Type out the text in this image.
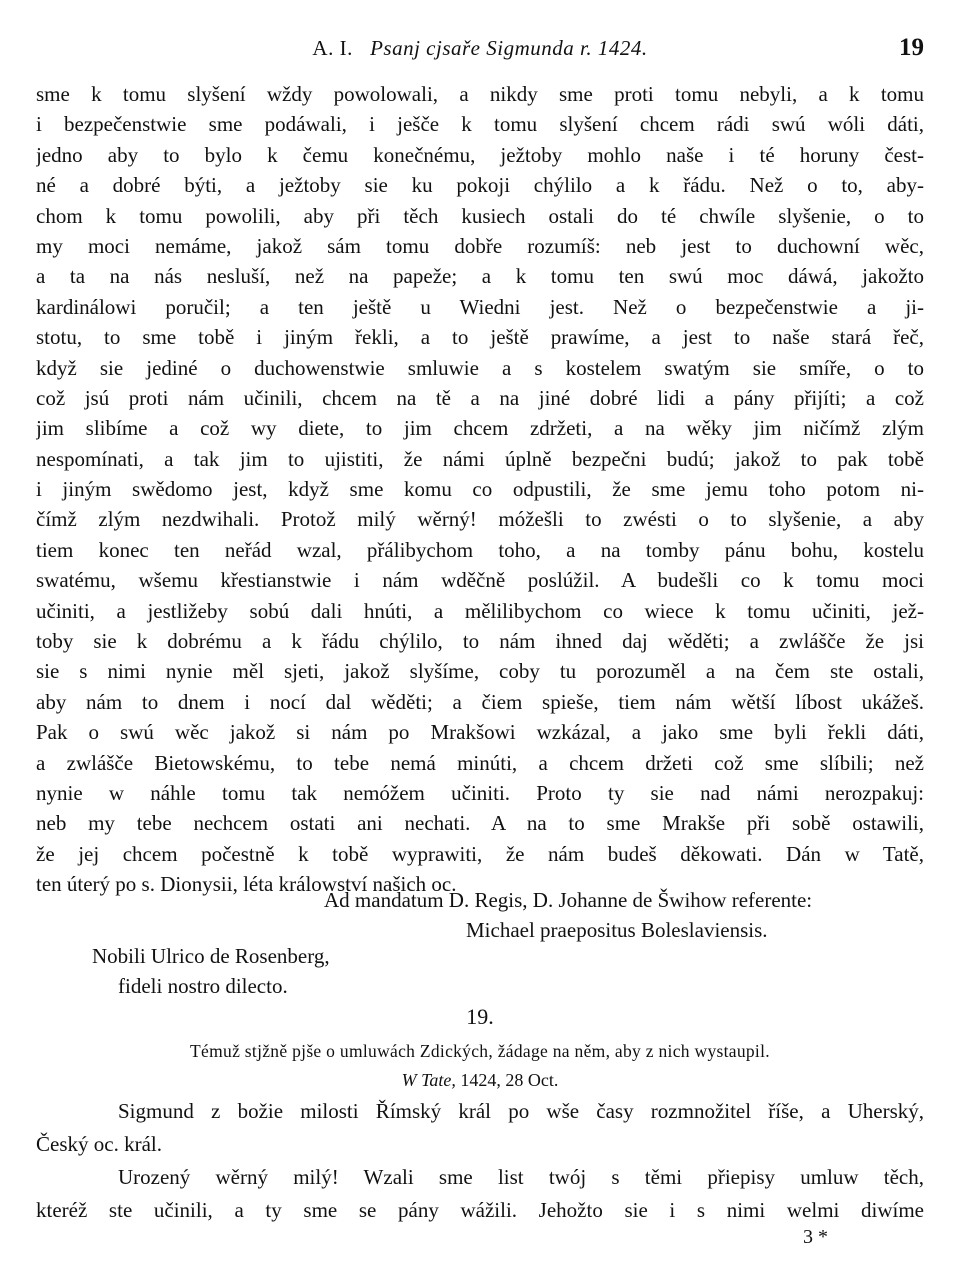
A. I. Psanj cjsaře Sigmunda r. 1424.	19
sme k tomu slyšení wždy powolowali, a nikdy sme proti tomu nebyli, a k tomu
i bezpečenstwie sme podáwali, i ješče k tomu slyšení chcem rádi swú wóli dáti,
jedno aby to bylo k čemu konečnému, ježtoby mohlo naše i té horuny čest-
né a dobré býti, a ježtoby sie ku pokoji chýlilo a k řádu. Než o to, aby-
chom k tomu powolili, aby při těch kusiech ostali do té chwíle slyšenie, o to
my moci nemáme, jakož sám tomu dobře rozumíš: neb jest to duchowní wěc,
a ta na nás nesluší, než na papeže; a k tomu ten swú moc dáwá, jakožto
kardinálowi poručil; a ten ještě u Wiedni jest. Než o bezpečenstwie a ji-
stotu, to sme tobě i jiným řekli, a to ještě prawíme, a jest to naše stará řeč,
když sie jediné o duchowenstwie smluwie a s kostelem swatým sie smíře, o to
což jsú proti nám učinili, chcem na tě a na jiné dobré lidi a pány přijíti; a což
jim slibíme a což wy diete, to jim chcem zdržeti, a na wěky jim ničímž zlým
nespomínati, a tak jim to ujistiti, že námi úplně bezpečni budú; jakož to pak tobě
i jiným swědomo jest, když sme komu co odpustili, že sme jemu toho potom ni-
čímž zlým nezdwihali. Protož milý wěrný! móžešli to zwésti o to slyšenie, a aby
tiem konec ten neřád wzal, přálibychom toho, a na tomby pánu bohu, kostelu
swatému, wšemu křestianstwie i nám wděčně poslúžil. A budešli co k tomu moci
učiniti, a jestližeby sobú dali hnúti, a mělilibychom co wiece k tomu učiniti, jež-
toby sie k dobrému a k řádu chýlilo, to nám ihned daj wěděti; a zwlášče že jsi
sie s nimi nynie měl sjeti, jakož slyšíme, coby tu porozuměl a na čem ste ostali,
aby nám to dnem i nocí dal wěděti; a čiem spieše, tiem nám wětší líbost ukážeš.
Pak o swú wěc jakož si nám po Mrakšowi wzkázal, a jako sme byli řekli dáti,
a zwlášče Bietowskému, to tebe nemá minúti, a chcem držeti což sme slíbili; než
nynie w náhle tomu tak nemóžem učiniti. Proto ty sie nad námi nerozpakuj:
neb my tebe nechcem ostati ani nechati. A na to sme Mrakše při sobě ostawili,
že jej chcem počestně k tobě wyprawiti, že nám budeš děkowati. Dán w Tatě,
ten úterý po s. Dionysii, léta králowství našich oc.
Ad mandatum D. Regis, D. Johanne de Šwihow referente:
Michael praepositus Boleslaviensis.
Nobili Ulrico de Rosenberg,
fideli nostro dilecto.
19.
Témuž stjžně pjše o umluwách Zdických, žádage na něm, aby z nich wystaupil.
W Tate, 1424, 28 Oct.
Sigmund z božie milosti Římský král po wše časy rozmnožitel říše, a Uherský,
Český oc. král.
Urozený wěrný milý! Wzali sme list twój s těmi přiepisy umluw těch,
kteréž ste učinili, a ty sme se pány wážili. Jehožto sie i s nimi welmi diwíme
3 *
